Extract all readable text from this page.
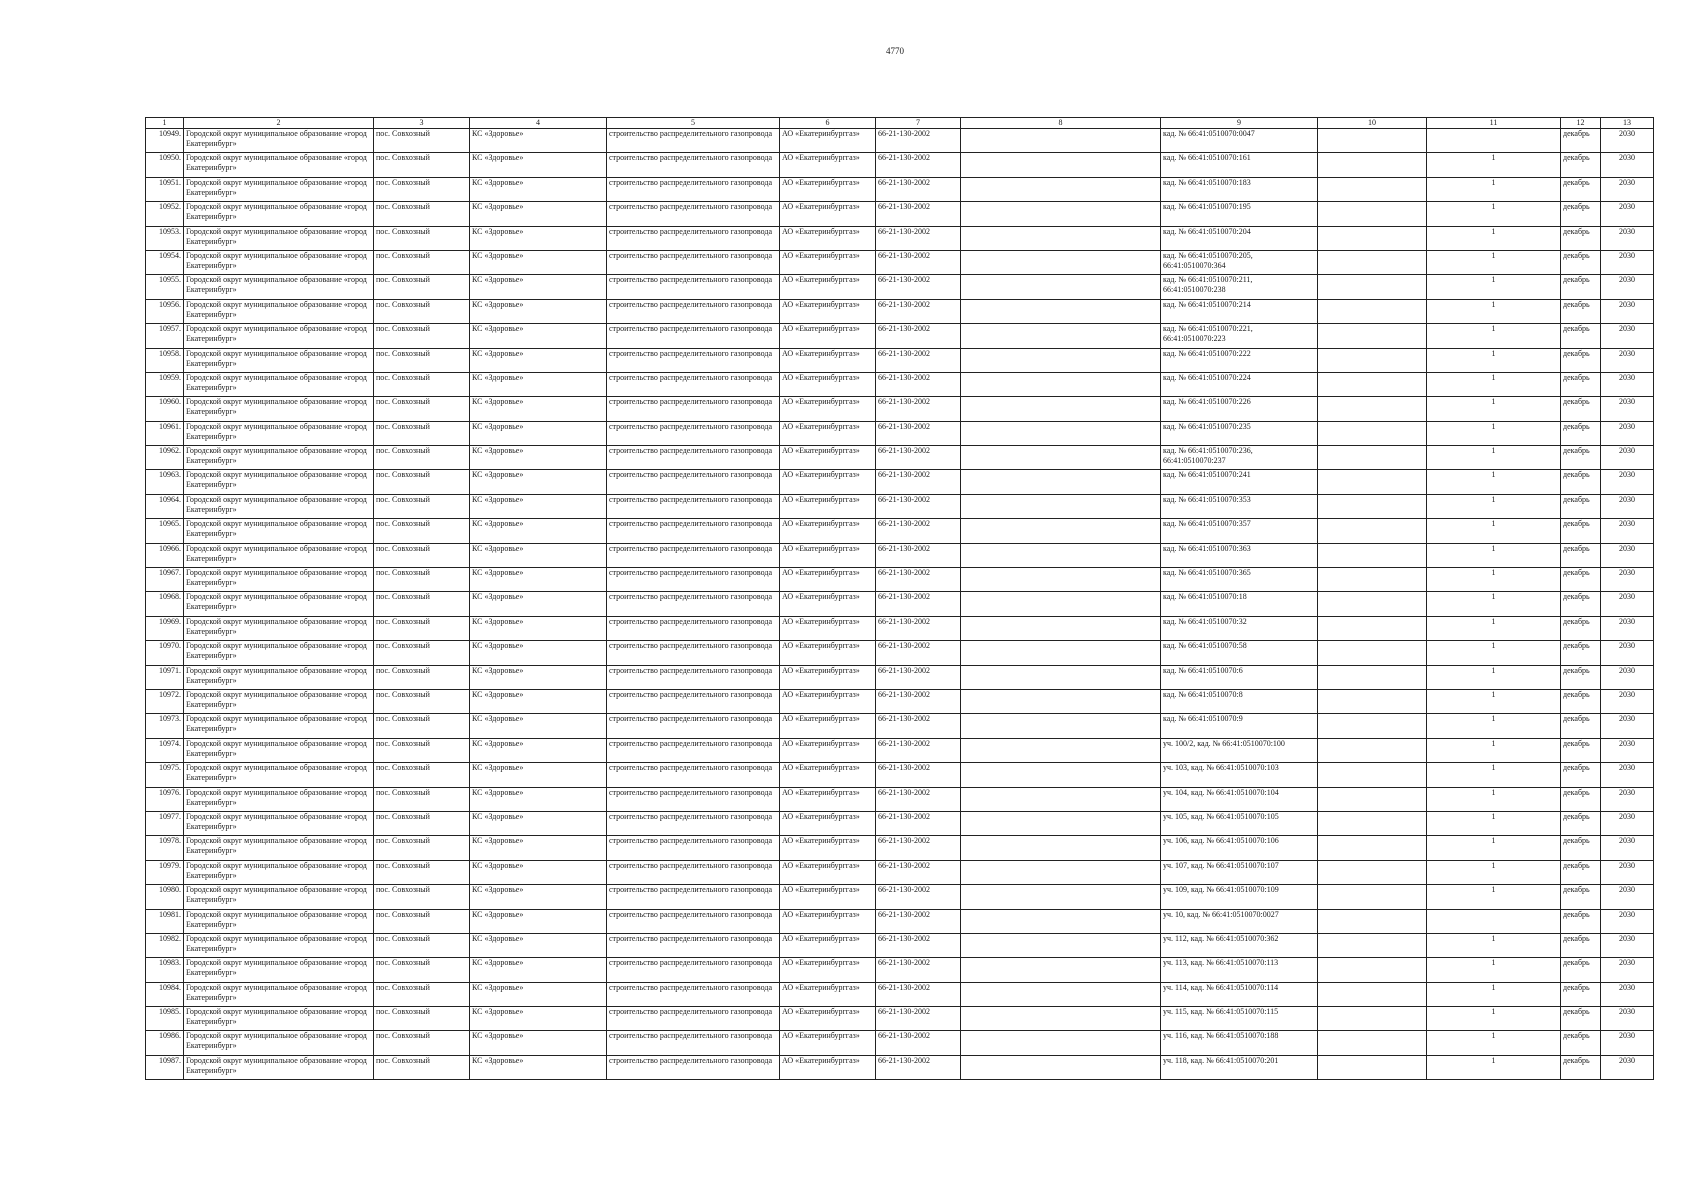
4770
1	2	3	4	5	6	7	8	9	10	11	12	13
10949.	Городской округ муниципальное образование «город Екатеринбург»	пос. Совхозный	КС «Здоровье»	строительство распределительного газопровода	АО «Екатеринбурггаз»	66-21-130-2002		кад. № 66:41:0510070:0047			декабрь	2030
10950.	Городской округ муниципальное образование «город Екатеринбург»	пос. Совхозный	КС «Здоровье»	строительство распределительного газопровода	АО «Екатеринбурггаз»	66-21-130-2002		кад. № 66:41:0510070:161		1	декабрь	2030
10951.	Городской округ муниципальное образование «город Екатеринбург»	пос. Совхозный	КС «Здоровье»	строительство распределительного газопровода	АО «Екатеринбурггаз»	66-21-130-2002		кад. № 66:41:0510070:183		1	декабрь	2030
10952.	Городской округ муниципальное образование «город Екатеринбург»	пос. Совхозный	КС «Здоровье»	строительство распределительного газопровода	АО «Екатеринбурггаз»	66-21-130-2002		кад. № 66:41:0510070:195		1	декабрь	2030
10953.	Городской округ муниципальное образование «город Екатеринбург»	пос. Совхозный	КС «Здоровье»	строительство распределительного газопровода	АО «Екатеринбурггаз»	66-21-130-2002		кад. № 66:41:0510070:204		1	декабрь	2030
10954.	Городской округ муниципальное образование «город Екатеринбург»	пос. Совхозный	КС «Здоровье»	строительство распределительного газопровода	АО «Екатеринбурггаз»	66-21-130-2002		кад. № 66:41:0510070:205, 66:41:0510070:364		1	декабрь	2030
10955.	Городской округ муниципальное образование «город Екатеринбург»	пос. Совхозный	КС «Здоровье»	строительство распределительного газопровода	АО «Екатеринбурггаз»	66-21-130-2002		кад. № 66:41:0510070:211, 66:41:0510070:238		1	декабрь	2030
10956.	Городской округ муниципальное образование «город Екатеринбург»	пос. Совхозный	КС «Здоровье»	строительство распределительного газопровода	АО «Екатеринбурггаз»	66-21-130-2002		кад. № 66:41:0510070:214		1	декабрь	2030
10957.	Городской округ муниципальное образование «город Екатеринбург»	пос. Совхозный	КС «Здоровье»	строительство распределительного газопровода	АО «Екатеринбурггаз»	66-21-130-2002		кад. № 66:41:0510070:221, 66:41:0510070:223		1	декабрь	2030
10958.	Городской округ муниципальное образование «город Екатеринбург»	пос. Совхозный	КС «Здоровье»	строительство распределительного газопровода	АО «Екатеринбурггаз»	66-21-130-2002		кад. № 66:41:0510070:222		1	декабрь	2030
10959.	Городской округ муниципальное образование «город Екатеринбург»	пос. Совхозный	КС «Здоровье»	строительство распределительного газопровода	АО «Екатеринбурггаз»	66-21-130-2002		кад. № 66:41:0510070:224		1	декабрь	2030
10960.	Городской округ муниципальное образование «город Екатеринбург»	пос. Совхозный	КС «Здоровье»	строительство распределительного газопровода	АО «Екатеринбурггаз»	66-21-130-2002		кад. № 66:41:0510070:226		1	декабрь	2030
10961.	Городской округ муниципальное образование «город Екатеринбург»	пос. Совхозный	КС «Здоровье»	строительство распределительного газопровода	АО «Екатеринбурггаз»	66-21-130-2002		кад. № 66:41:0510070:235		1	декабрь	2030
10962.	Городской округ муниципальное образование «город Екатеринбург»	пос. Совхозный	КС «Здоровье»	строительство распределительного газопровода	АО «Екатеринбурггаз»	66-21-130-2002		кад. № 66:41:0510070:236, 66:41:0510070:237		1	декабрь	2030
10963.	Городской округ муниципальное образование «город Екатеринбург»	пос. Совхозный	КС «Здоровье»	строительство распределительного газопровода	АО «Екатеринбурггаз»	66-21-130-2002		кад. № 66:41:0510070:241		1	декабрь	2030
10964.	Городской округ муниципальное образование «город Екатеринбург»	пос. Совхозный	КС «Здоровье»	строительство распределительного газопровода	АО «Екатеринбурггаз»	66-21-130-2002		кад. № 66:41:0510070:353		1	декабрь	2030
10965.	Городской округ муниципальное образование «город Екатеринбург»	пос. Совхозный	КС «Здоровье»	строительство распределительного газопровода	АО «Екатеринбурггаз»	66-21-130-2002		кад. № 66:41:0510070:357		1	декабрь	2030
10966.	Городской округ муниципальное образование «город Екатеринбург»	пос. Совхозный	КС «Здоровье»	строительство распределительного газопровода	АО «Екатеринбурггаз»	66-21-130-2002		кад. № 66:41:0510070:363		1	декабрь	2030
10967.	Городской округ муниципальное образование «город Екатеринбург»	пос. Совхозный	КС «Здоровье»	строительство распределительного газопровода	АО «Екатеринбурггаз»	66-21-130-2002		кад. № 66:41:0510070:365		1	декабрь	2030
10968.	Городской округ муниципальное образование «город Екатеринбург»	пос. Совхозный	КС «Здоровье»	строительство распределительного газопровода	АО «Екатеринбурггаз»	66-21-130-2002		кад. № 66:41:0510070:18		1	декабрь	2030
10969.	Городской округ муниципальное образование «город Екатеринбург»	пос. Совхозный	КС «Здоровье»	строительство распределительного газопровода	АО «Екатеринбурггаз»	66-21-130-2002		кад. № 66:41:0510070:32		1	декабрь	2030
10970.	Городской округ муниципальное образование «город Екатеринбург»	пос. Совхозный	КС «Здоровье»	строительство распределительного газопровода	АО «Екатеринбурггаз»	66-21-130-2002		кад. № 66:41:0510070:58		1	декабрь	2030
10971.	Городской округ муниципальное образование «город Екатеринбург»	пос. Совхозный	КС «Здоровье»	строительство распределительного газопровода	АО «Екатеринбурггаз»	66-21-130-2002		кад. № 66:41:0510070:6		1	декабрь	2030
10972.	Городской округ муниципальное образование «город Екатеринбург»	пос. Совхозный	КС «Здоровье»	строительство распределительного газопровода	АО «Екатеринбурггаз»	66-21-130-2002		кад. № 66:41:0510070:8		1	декабрь	2030
10973.	Городской округ муниципальное образование «город Екатеринбург»	пос. Совхозный	КС «Здоровье»	строительство распределительного газопровода	АО «Екатеринбурггаз»	66-21-130-2002		кад. № 66:41:0510070:9		1	декабрь	2030
10974.	Городской округ муниципальное образование «город Екатеринбург»	пос. Совхозный	КС «Здоровье»	строительство распределительного газопровода	АО «Екатеринбурггаз»	66-21-130-2002		уч. 100/2, кад. № 66:41:0510070:100		1	декабрь	2030
10975.	Городской округ муниципальное образование «город Екатеринбург»	пос. Совхозный	КС «Здоровье»	строительство распределительного газопровода	АО «Екатеринбурггаз»	66-21-130-2002		уч. 103, кад. № 66:41:0510070:103		1	декабрь	2030
10976.	Городской округ муниципальное образование «город Екатеринбург»	пос. Совхозный	КС «Здоровье»	строительство распределительного газопровода	АО «Екатеринбурггаз»	66-21-130-2002		уч. 104, кад. № 66:41:0510070:104		1	декабрь	2030
10977.	Городской округ муниципальное образование «город Екатеринбург»	пос. Совхозный	КС «Здоровье»	строительство распределительного газопровода	АО «Екатеринбурггаз»	66-21-130-2002		уч. 105, кад. № 66:41:0510070:105		1	декабрь	2030
10978.	Городской округ муниципальное образование «город Екатеринбург»	пос. Совхозный	КС «Здоровье»	строительство распределительного газопровода	АО «Екатеринбурггаз»	66-21-130-2002		уч. 106, кад. № 66:41:0510070:106		1	декабрь	2030
10979.	Городской округ муниципальное образование «город Екатеринбург»	пос. Совхозный	КС «Здоровье»	строительство распределительного газопровода	АО «Екатеринбурггаз»	66-21-130-2002		уч. 107, кад. № 66:41:0510070:107		1	декабрь	2030
10980.	Городской округ муниципальное образование «город Екатеринбург»	пос. Совхозный	КС «Здоровье»	строительство распределительного газопровода	АО «Екатеринбурггаз»	66-21-130-2002		уч. 109, кад. № 66:41:0510070:109		1	декабрь	2030
10981.	Городской округ муниципальное образование «город Екатеринбург»	пос. Совхозный	КС «Здоровье»	строительство распределительного газопровода	АО «Екатеринбурггаз»	66-21-130-2002		уч. 10, кад. № 66:41:0510070:0027			декабрь	2030
10982.	Городской округ муниципальное образование «город Екатеринбург»	пос. Совхозный	КС «Здоровье»	строительство распределительного газопровода	АО «Екатеринбурггаз»	66-21-130-2002		уч. 112, кад. № 66:41:0510070:362		1	декабрь	2030
10983.	Городской округ муниципальное образование «город Екатеринбург»	пос. Совхозный	КС «Здоровье»	строительство распределительного газопровода	АО «Екатеринбурггаз»	66-21-130-2002		уч. 113, кад. № 66:41:0510070:113		1	декабрь	2030
10984.	Городской округ муниципальное образование «город Екатеринбург»	пос. Совхозный	КС «Здоровье»	строительство распределительного газопровода	АО «Екатеринбурггаз»	66-21-130-2002		уч. 114, кад. № 66:41:0510070:114		1	декабрь	2030
10985.	Городской округ муниципальное образование «город Екатеринбург»	пос. Совхозный	КС «Здоровье»	строительство распределительного газопровода	АО «Екатеринбурггаз»	66-21-130-2002		уч. 115, кад. № 66:41:0510070:115		1	декабрь	2030
10986.	Городской округ муниципальное образование «город Екатеринбург»	пос. Совхозный	КС «Здоровье»	строительство распределительного газопровода	АО «Екатеринбурггаз»	66-21-130-2002		уч. 116, кад. № 66:41:0510070:188		1	декабрь	2030
10987.	Городской округ муниципальное образование «город Екатеринбург»	пос. Совхозный	КС «Здоровье»	строительство распределительного газопровода	АО «Екатеринбурггаз»	66-21-130-2002		уч. 118, кад. № 66:41:0510070:201		1	декабрь	2030
